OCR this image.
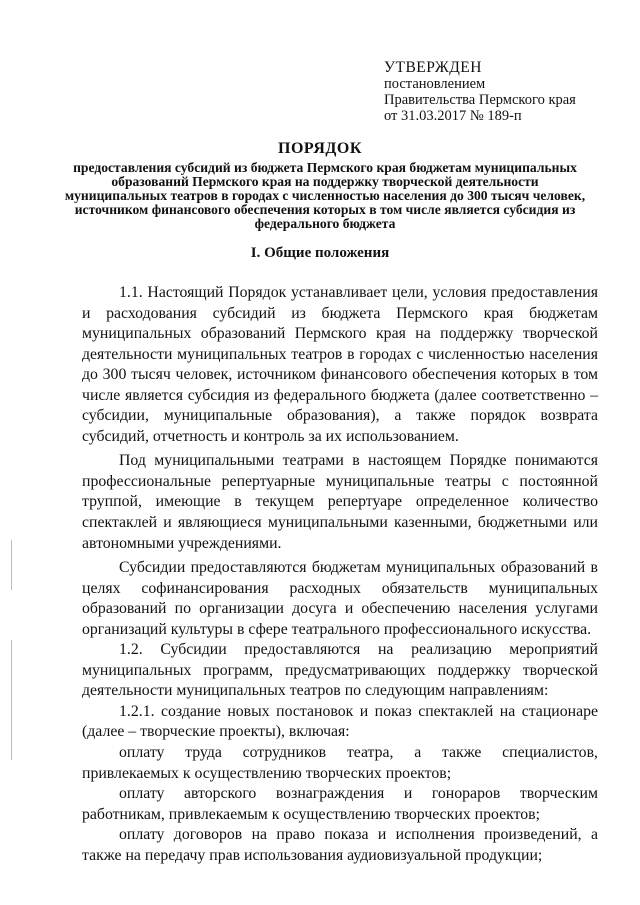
УТВЕРЖДЕН
постановлением
Правительства Пермского края
от 31.03.2017 № 189-п
ПОРЯДОК
предоставления субсидий из бюджета Пермского края бюджетам муниципальных образований Пермского края на поддержку творческой деятельности муниципальных театров в городах с численностью населения до 300 тысяч человек, источником финансового обеспечения которых в том числе является субсидия из федерального бюджета
I. Общие положения

1.1. Настоящий Порядок устанавливает цели, условия предоставления и расходования субсидий из бюджета Пермского края бюджетам муниципальных образований Пермского края на поддержку творческой деятельности муниципальных театров в городах с численностью населения до 300 тысяч человек, источником финансового обеспечения которых в том числе является субсидия из федерального бюджета (далее соответственно – субсидии, муниципальные образования), а также порядок возврата субсидий, отчетность и контроль за их использованием.

Под муниципальными театрами в настоящем Порядке понимаются профессиональные репертуарные муниципальные театры с постоянной труппой, имеющие в текущем репертуаре определенное количество спектаклей и являющиеся муниципальными казенными, бюджетными или автономными учреждениями.

Субсидии предоставляются бюджетам муниципальных образований в целях софинансирования расходных обязательств муниципальных образований по организации досуга и обеспечению населения услугами организаций культуры в сфере театрального профессионального искусства.

1.2. Субсидии предоставляются на реализацию мероприятий муниципальных программ, предусматривающих поддержку творческой деятельности муниципальных театров по следующим направлениям:

1.2.1. создание новых постановок и показ спектаклей на стационаре (далее – творческие проекты), включая:

оплату труда сотрудников театра, а также специалистов, привлекаемых к осуществлению творческих проектов;

оплату авторского вознаграждения и гонораров творческим работникам, привлекаемым к осуществлению творческих проектов;

оплату договоров на право показа и исполнения произведений, а также на передачу прав использования аудиовизуальной продукции;
